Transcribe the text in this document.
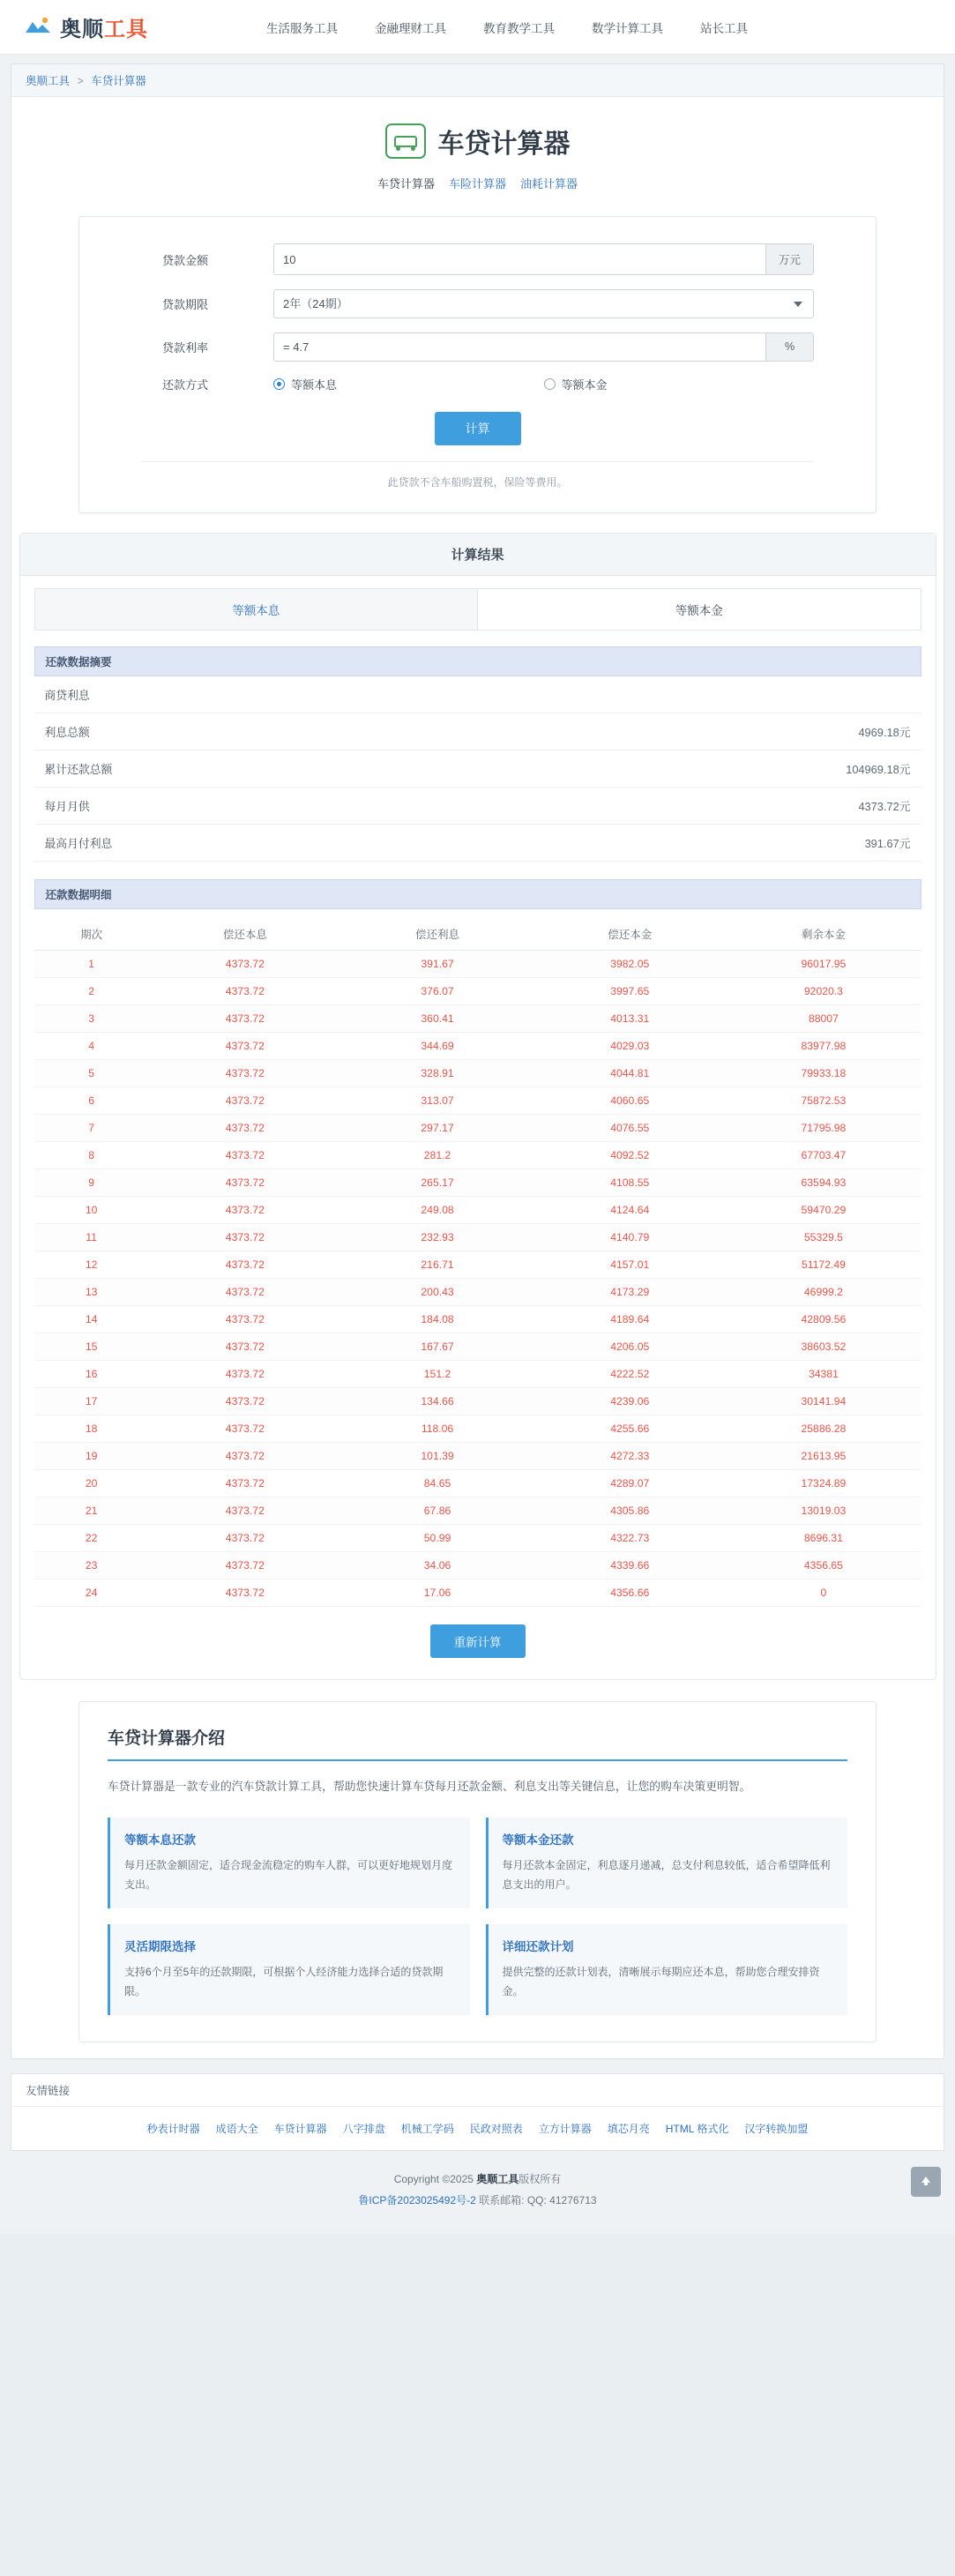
奥顺工具	生活服务工具	金融理财工具	教育教学工具	数学计算工具	站长工具
奥顺工具 > 车贷计算器
车贷计算器
车贷计算器 车险计算器 油耗计算器
贷款金额
10	万元
贷款期限
2年（24期）
贷款利率
= 4.7	%
还款方式	等额本息	等额本金
计算
此贷款不含车船购置税，保险等费用。
计算结果
等额本息	等额本金
还款数据摘要
商贷利息
利息总额	4969.18元
累计还款总额	104969.18元
每月月供	4373.72元
最高月付利息	391.67元
还款数据明细
期次	偿还本息	偿还利息	偿还本金	剩余本金
1	4373.72	391.67	3982.05	96017.95
2	4373.72	376.07	3997.65	92020.3
3	4373.72	360.41	4013.31	88007
4	4373.72	344.69	4029.03	83977.98
5	4373.72	328.91	4044.81	79933.18
6	4373.72	313.07	4060.65	75872.53
7	4373.72	297.17	4076.55	71795.98
8	4373.72	281.2	4092.52	67703.47
9	4373.72	265.17	4108.55	63594.93
10	4373.72	249.08	4124.64	59470.29
11	4373.72	232.93	4140.79	55329.5
12	4373.72	216.71	4157.01	51172.49
13	4373.72	200.43	4173.29	46999.2
14	4373.72	184.08	4189.64	42809.56
15	4373.72	167.67	4206.05	38603.52
16	4373.72	151.2	4222.52	34381
17	4373.72	134.66	4239.06	30141.94
18	4373.72	118.06	4255.66	25886.28
19	4373.72	101.39	4272.33	21613.95
20	4373.72	84.65	4289.07	17324.89
21	4373.72	67.86	4305.86	13019.03
22	4373.72	50.99	4322.73	8696.31
23	4373.72	34.06	4339.66	4356.65
24	4373.72	17.06	4356.66	0
重新计算
车贷计算器介绍
车贷计算器是一款专业的汽车贷款计算工具，帮助您快速计算车贷每月还款金额、利息支出等关键信息，让您的购车决策更明智。
等额本息还款

每月还款金额固定，适合现金流稳定的购车人群，可以更好地规划月度支出。

等额本金还款

每月还款本金固定，利息逐月递减，总支付利息较低，适合希望降低利息支出的用户。

灵活期限选择

支持6个月至5年的还款期限，可根据个人经济能力选择合适的贷款期限。

详细还款计划

提供完整的还款计划表，清晰展示每期应还本息，帮助您合理安排资金。

友情链接
秒表计时器 成语大全 车贷计算器 八字排盘 机械工学码 民政对照表 立方计算器 填芯月亮 HTML 格式化 汉字转换加盟
Copyright ©2025 奥顺工具版权所有
鲁ICP备2023025492号-2 联系邮箱: QQ: 41276713
